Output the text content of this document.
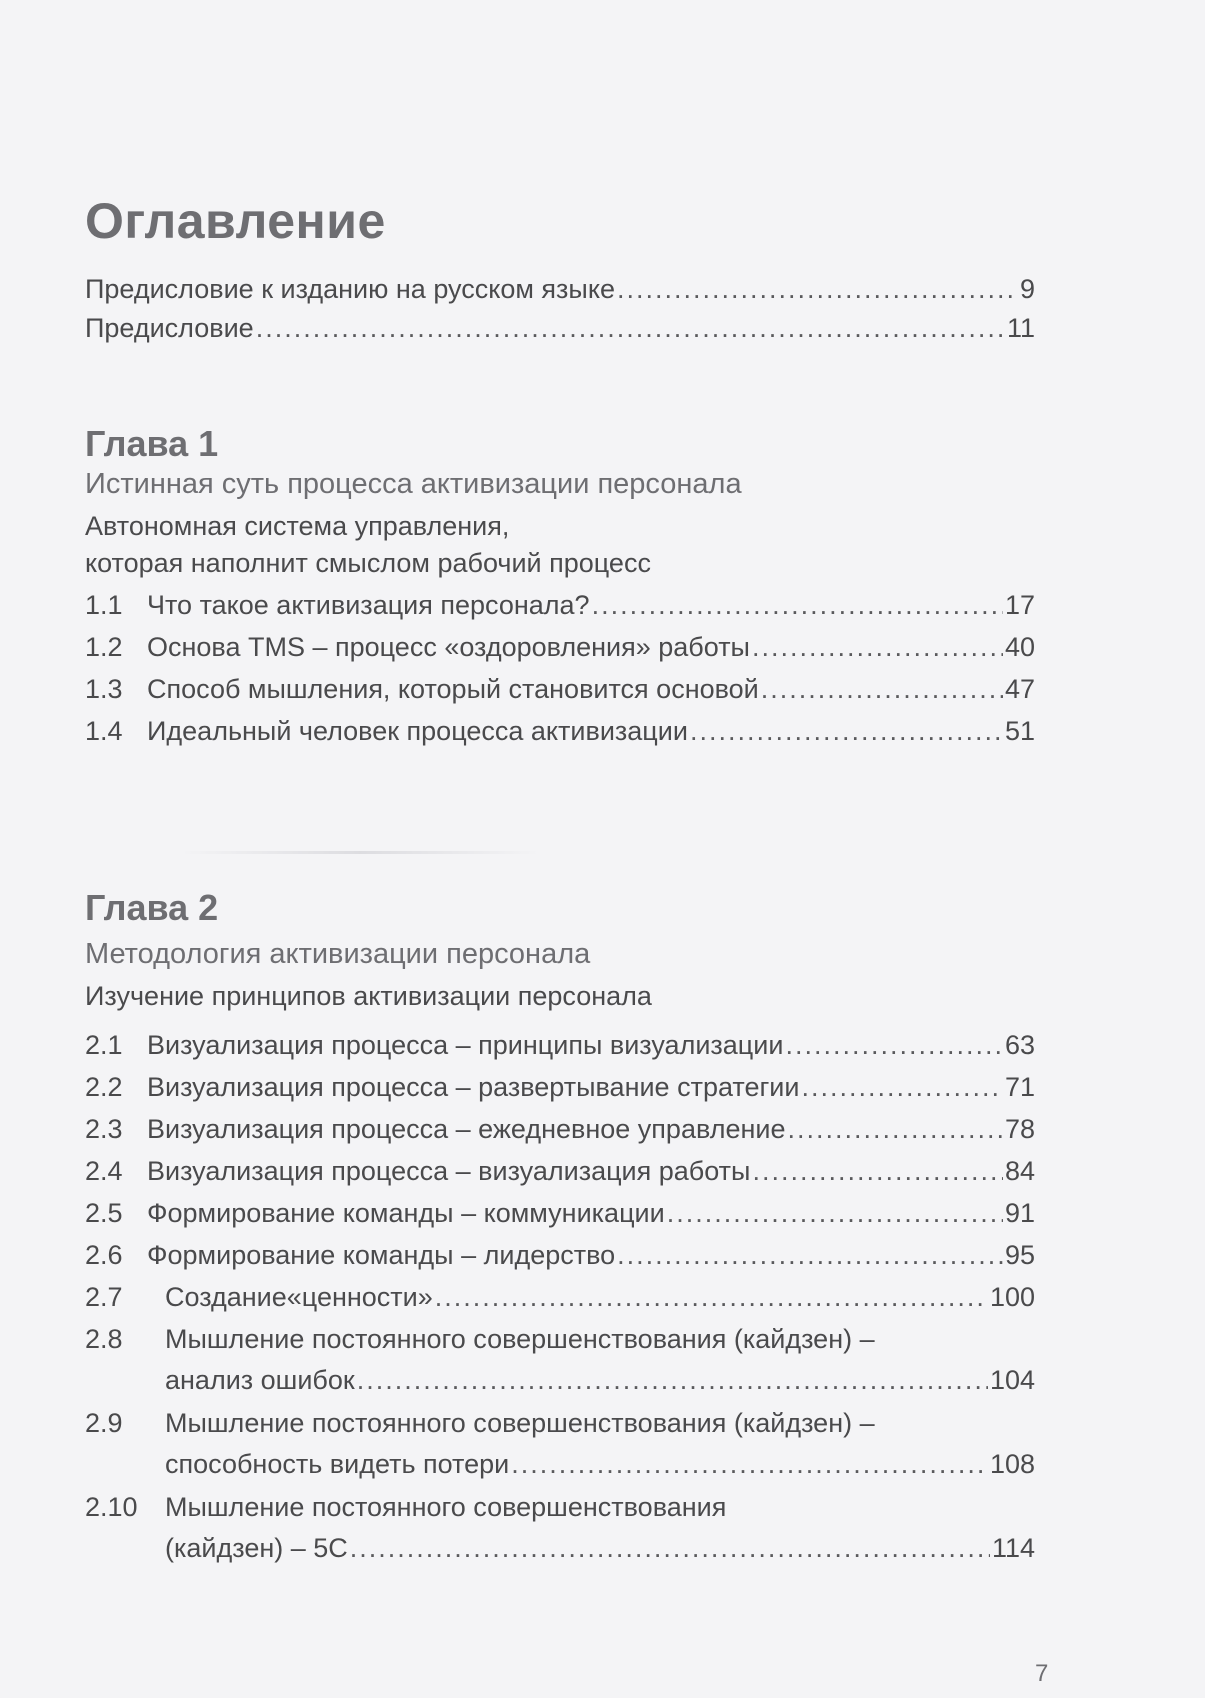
Оглавление
Предисловие к изданию на русском языке .....	9
Предисловие .....	11
Глава 1
Истинная суть процесса активизации персонала
Автономная система управления,
которая наполнит смыслом рабочий процесс
1.1 Что такое активизация персонала? .....	17
1.2 Основа TMS – процесс «оздоровления» работы .....	40
1.3 Способ мышления, который становится основой .....	47
1.4 Идеальный человек процесса активизации .....	51
Глава 2
Методология активизации персонала
Изучение принципов активизации персонала
2.1 Визуализация процесса – принципы визуализации .....	63
2.2 Визуализация процесса – развертывание стратегии .....	71
2.3 Визуализация процесса – ежедневное управление .....	78
2.4 Визуализация процесса – визуализация работы .....	84
2.5 Формирование команды – коммуникации .....	91
2.6 Формирование команды – лидерство .....	95
2.7	Создание«ценности» .....	100
2.8 Мышление постоянного совершенствования (кайдзен) –
анализ ошибок .....	104
2.9 Мышление постоянного совершенствования (кайдзен) –
способность видеть потери .....	108
2.10 Мышление постоянного совершенствования
(кайдзен) – 5С .....	114
7
